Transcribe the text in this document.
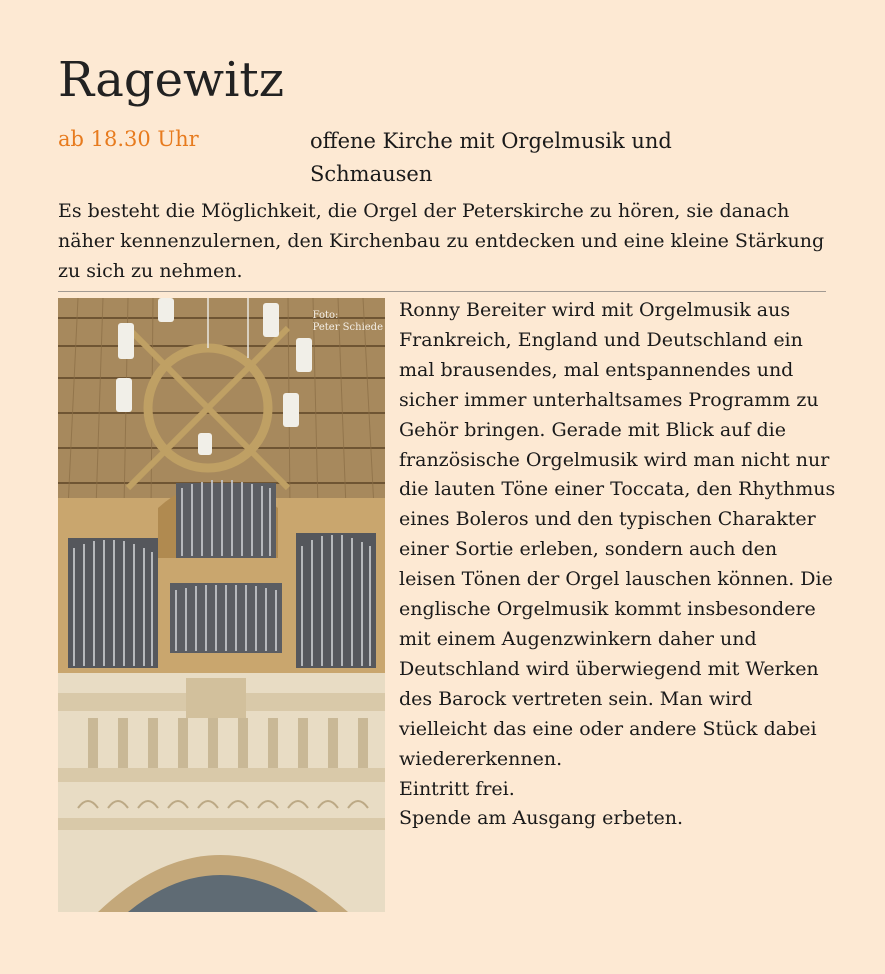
Ragewitz
ab 18.30 Uhr	offene Kirche mit Orgelmusik und Schmausen
Es besteht die Möglichkeit, die Orgel der Peterskirche zu hören, sie danach näher kennenzulernen, den Kirchenbau zu entdecken und eine kleine Stärkung zu sich zu nehmen.
Foto:
Peter Schiede

Ronny Bereiter wird mit Orgelmusik aus Frankreich, England und Deutschland ein mal brausendes, mal entspannendes und sicher immer unterhaltsames Programm zu Gehör bringen. Gerade mit Blick auf die französische Orgelmusik wird man nicht nur die lauten Töne einer Toccata, den Rhythmus eines Boleros und den typischen Charakter einer Sortie erleben, sondern auch den leisen Tönen der Orgel lauschen können. Die englische Orgelmusik kommt insbesondere mit einem Augenzwinkern daher und Deutschland wird überwiegend mit Werken des Barock vertreten sein. Man wird vielleicht das eine oder andere Stück dabei wiedererkennen.

Eintritt frei.

Spende am Ausgang erbeten.
